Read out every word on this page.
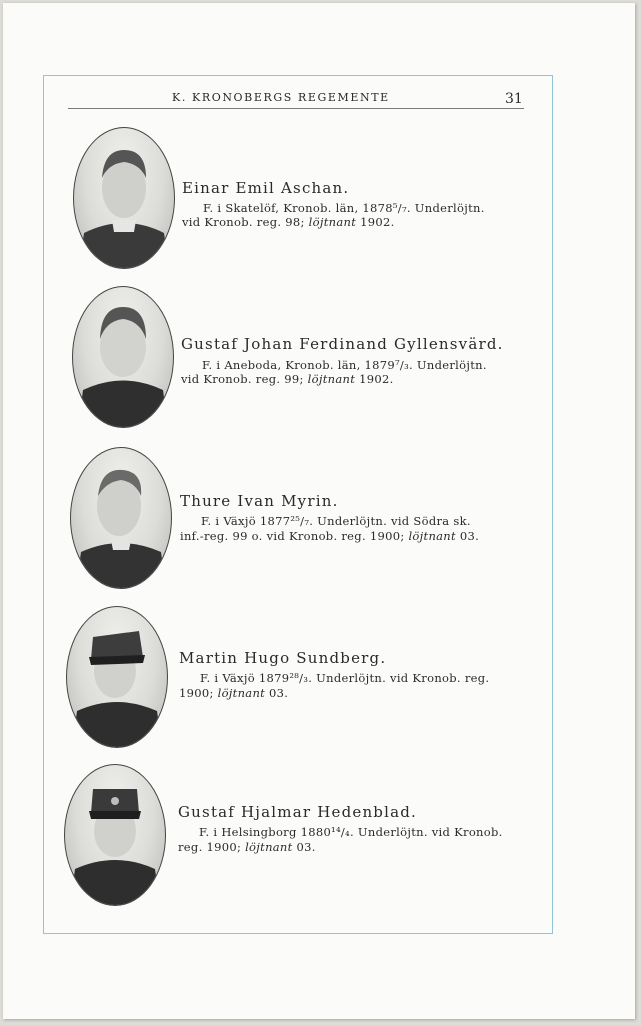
K. KRONOBERGS REGEMENTE	31
Einar Emil Aschan.
F. i Skatelöf, Kronob. län, 1878⁵/₇. Underlöjtn.
vid Kronob. reg. 98; löjtnant 1902.
Gustaf Johan Ferdinand Gyllensvärd.
F. i Aneboda, Kronob. län, 1879⁷/₃. Underlöjtn.
vid Kronob. reg. 99; löjtnant 1902.
Thure Ivan Myrin.
F. i Växjö 1877²⁵/₇. Underlöjtn. vid Södra sk.
inf.-reg. 99 o. vid Kronob. reg. 1900; löjtnant 03.
Martin Hugo Sundberg.
F. i Växjö 1879²⁸/₃. Underlöjtn. vid Kronob. reg.
1900; löjtnant 03.
Gustaf Hjalmar Hedenblad.
F. i Helsingborg 1880¹⁴/₄. Underlöjtn. vid Kronob.
reg. 1900; löjtnant 03.
